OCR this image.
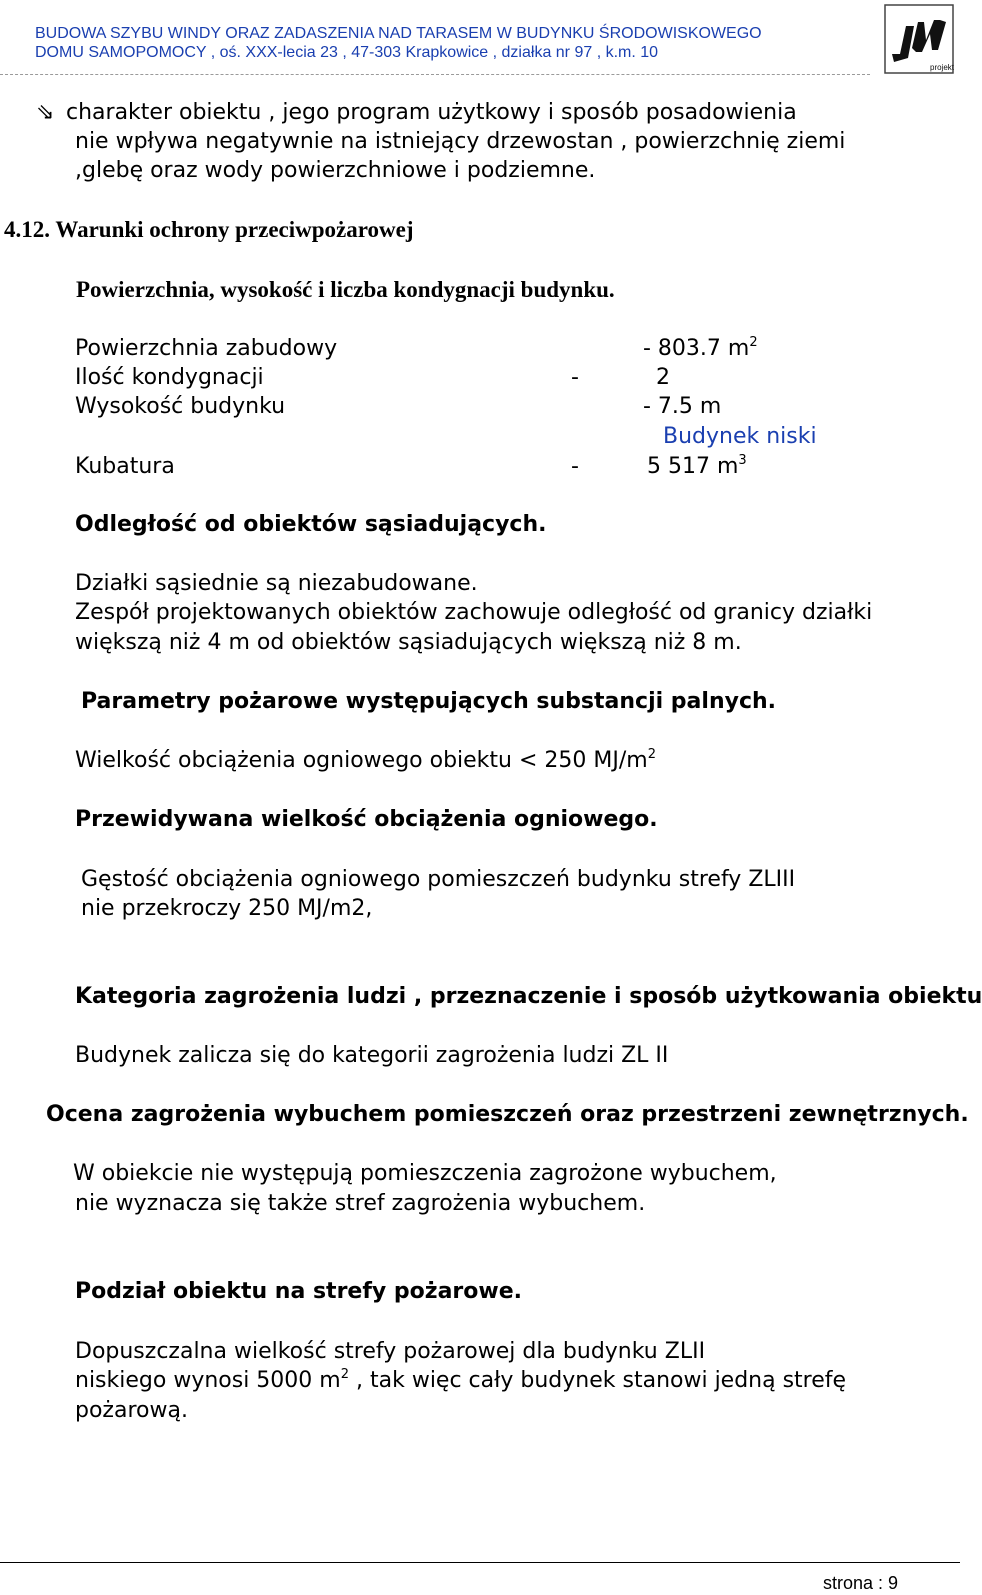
BUDOWA SZYBU WINDY ORAZ ZADASZENIA NAD TARASEM W BUDYNKU ŚRODOWISKOWEGO
DOMU SAMOPOMOCY , oś. XXX-lecia 23 , 47-303 Krapkowice , działka nr 97 , k.m. 10
projekt
⇘ charakter obiektu , jego program użytkowy i sposób posadowienia
nie wpływa negatywnie na istniejący drzewostan , powierzchnię ziemi
,glebę oraz wody powierzchniowe i podziemne.
4.12. Warunki ochrony przeciwpożarowej
Powierzchnia, wysokość i liczba kondygnacji budynku.
Powierzchnia zabudowy	- 803.7 $m^2$
Ilość kondygnacji	-	2
Wysokość budynku	- 7.5 m
Budynek niski
Kubatura	-	5 517 $m^3$
Odległość od obiektów sąsiadujących.
Działki sąsiednie są niezabudowane.
Zespół projektowanych obiektów zachowuje odległość od granicy działki
większą niż 4 m od obiektów sąsiadujących większą niż 8 m.
Parametry pożarowe występujących substancji palnych.
Wielkość obciążenia ogniowego obiektu < 250 $MJ/m^2$
Przewidywana wielkość obciążenia ogniowego.
Gęstość obciążenia ogniowego pomieszczeń budynku strefy ZLIII
nie przekroczy 250 MJ/m2,
Kategoria zagrożenia ludzi , przeznaczenie i sposób użytkowania obiektu
Budynek zalicza się do kategorii zagrożenia ludzi ZL II
Ocena zagrożenia wybuchem pomieszczeń oraz przestrzeni zewnętrznych.
W obiekcie nie występują pomieszczenia zagrożone wybuchem,
nie wyznacza się także stref zagrożenia wybuchem.
Podział obiektu na strefy pożarowe.
Dopuszczalna wielkość strefy pożarowej dla budynku ZLII
niskiego wynosi 5000 $m^2$ , tak więc cały budynek stanowi jedną strefę
pożarową.
strona : 9
